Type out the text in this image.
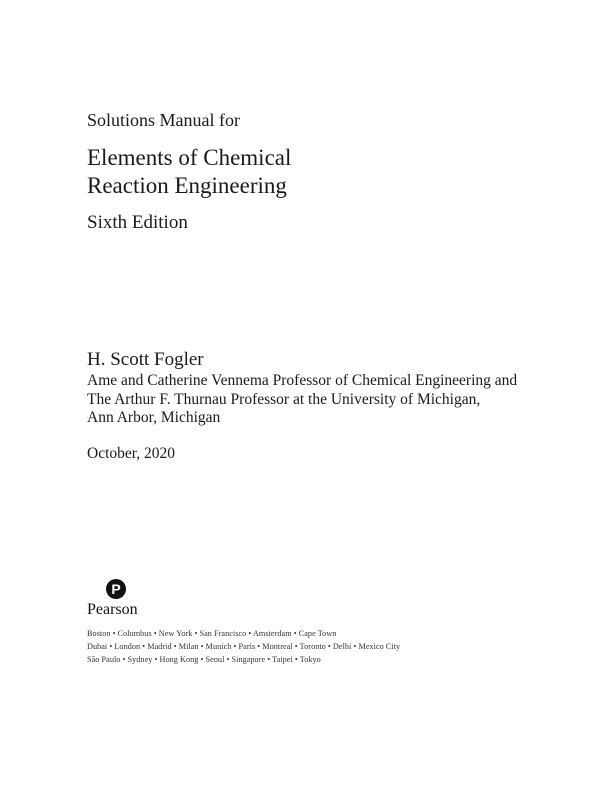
Solutions Manual for
Elements of Chemical
Reaction Engineering
Sixth Edition
H. Scott Fogler
Ame and Catherine Vennema Professor of Chemical Engineering and
The Arthur F. Thurnau Professor at the University of Michigan,
Ann Arbor, Michigan
October, 2020
P
Pearson
Boston • Columbus • New York • San Francisco • Amsterdam • Cape Town
Dubai • London • Madrid • Milan • Munich • Paris • Montreal • Toronto • Delhi • Mexico City
São Paulo • Sydney • Hong Kong • Seoul • Singapore • Taipei • Tokyo
